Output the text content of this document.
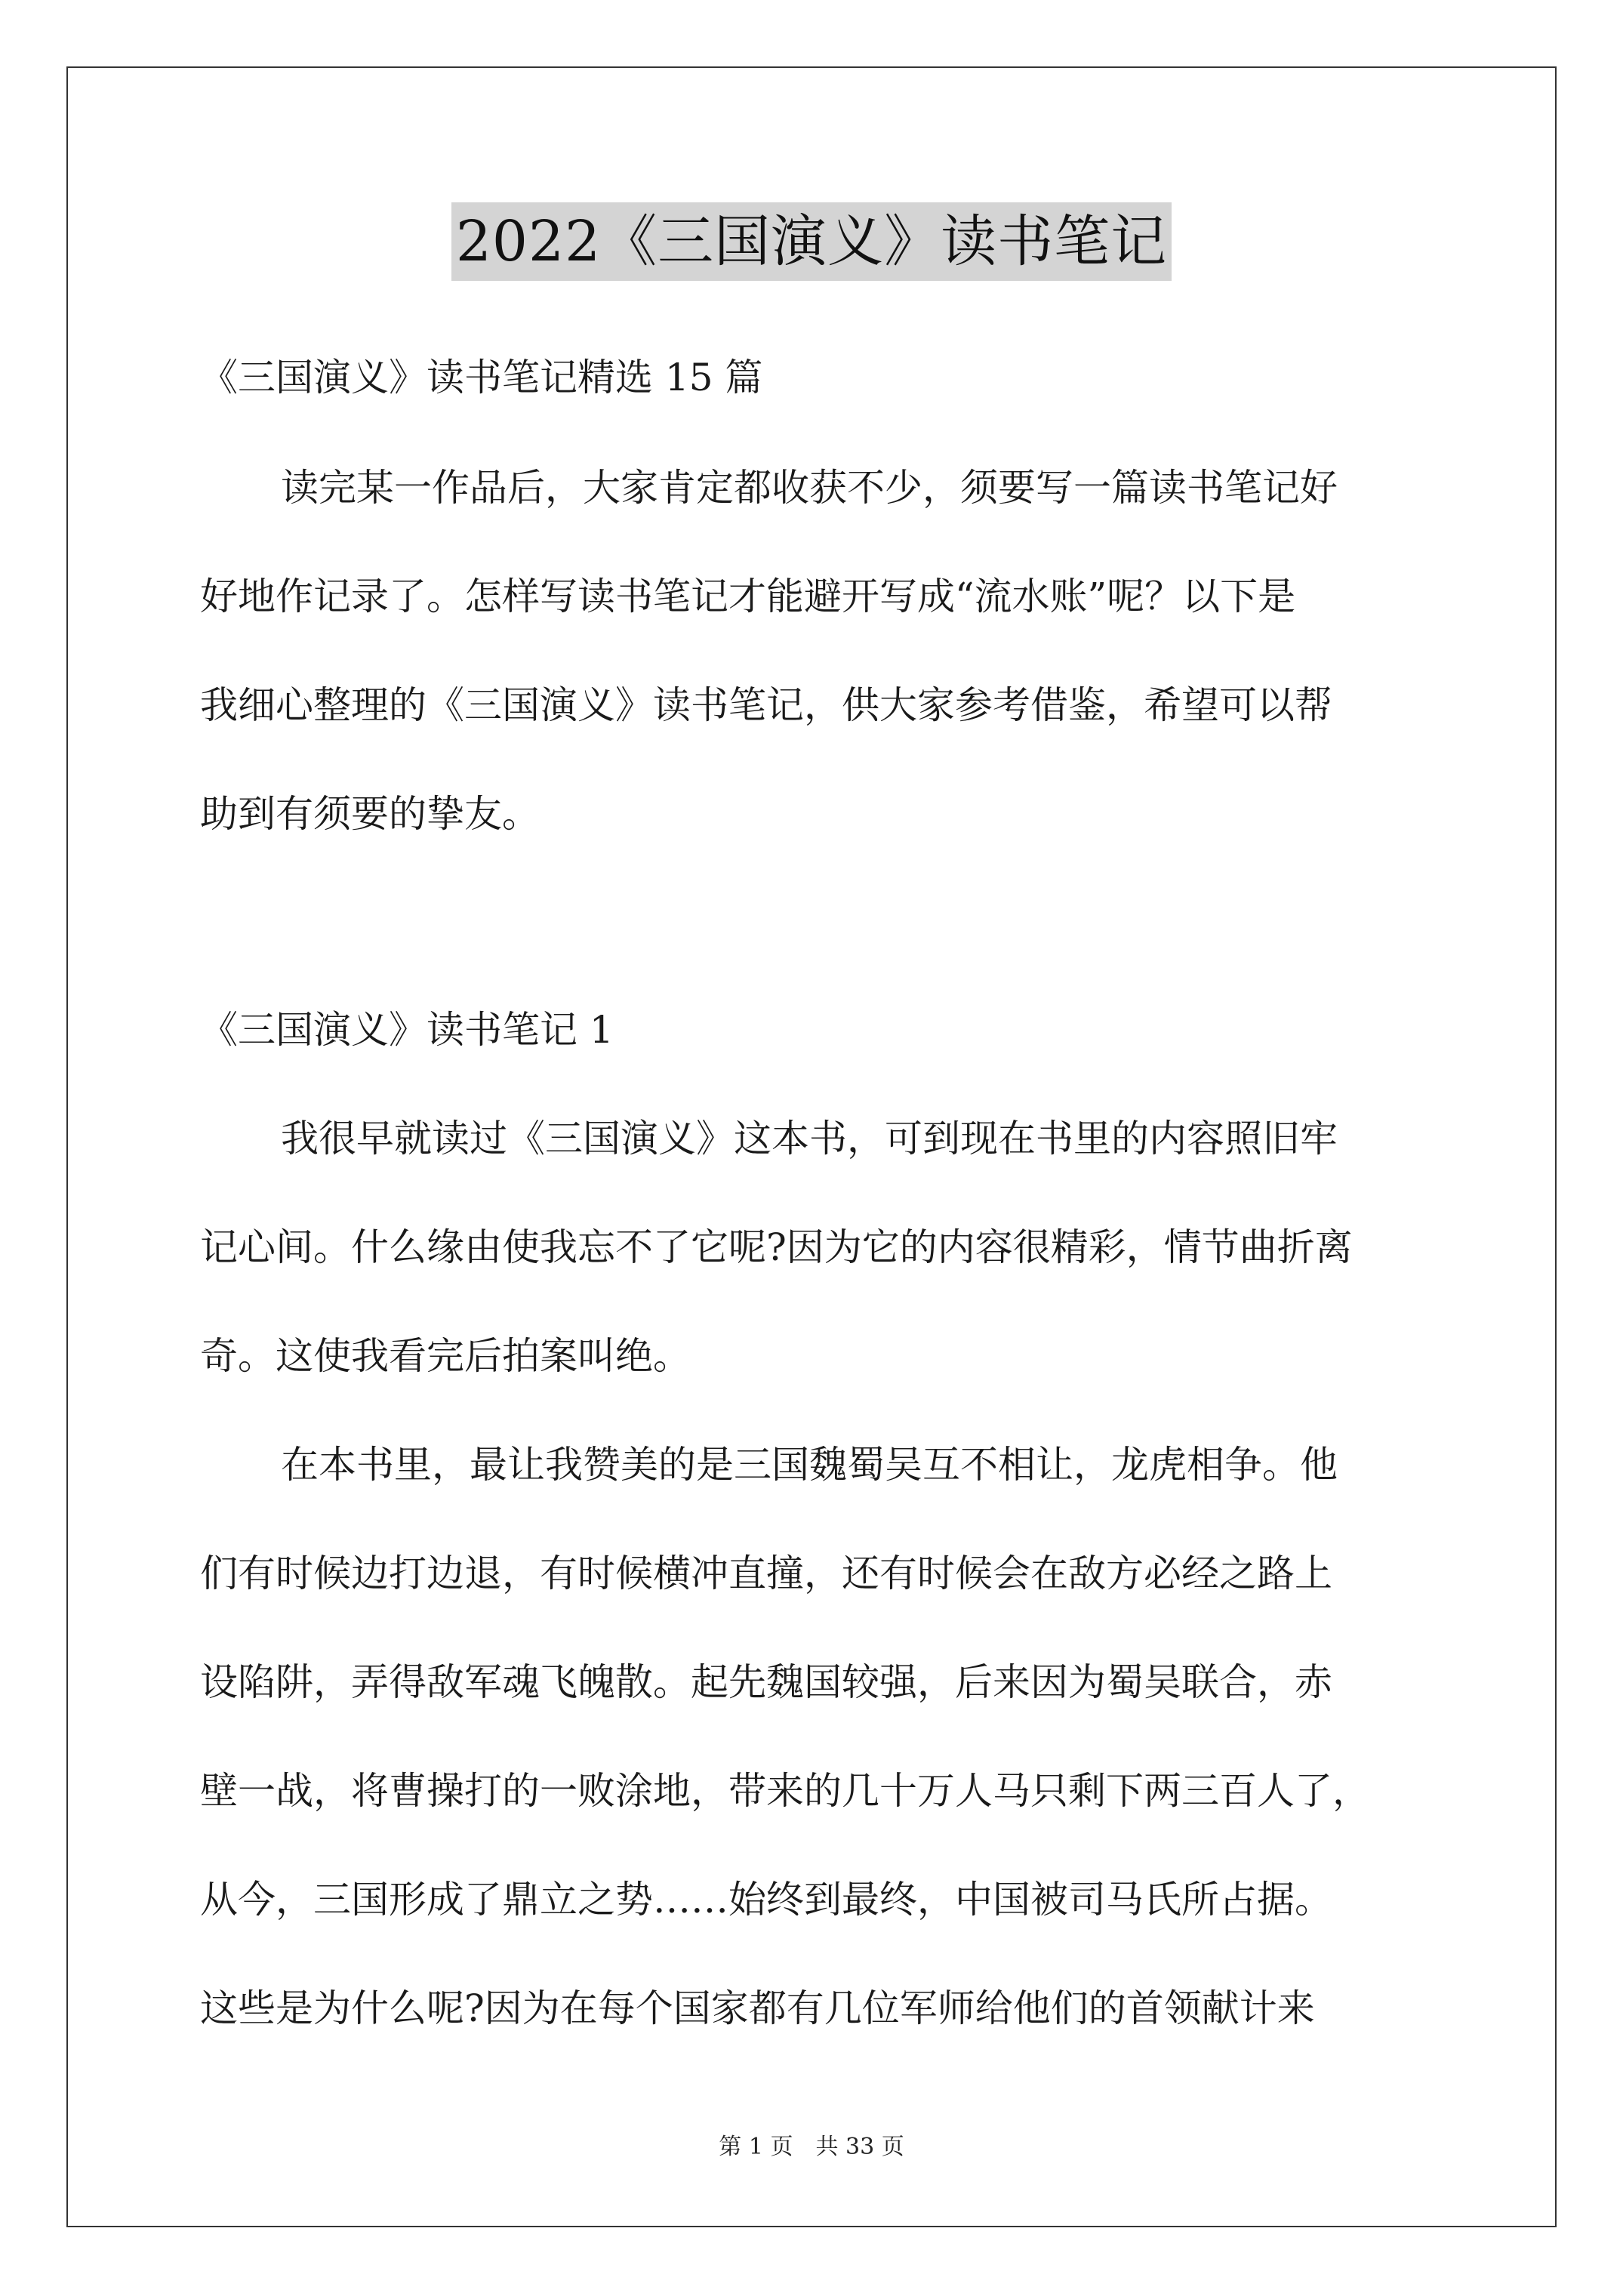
2022《三国演义》读书笔记
《三国演义》读书笔记精选 15 篇
读完某一作品后，大家肯定都收获不少，须要写一篇读书笔记好
好地作记录了。怎样写读书笔记才能避开写成“流水账”呢？以下是
我细心整理的《三国演义》读书笔记，供大家参考借鉴，希望可以帮
助到有须要的挚友。
《三国演义》读书笔记 1
我很早就读过《三国演义》这本书，可到现在书里的内容照旧牢
记心间。什么缘由使我忘不了它呢?因为它的内容很精彩，情节曲折离
奇。这使我看完后拍案叫绝。
在本书里，最让我赞美的是三国魏蜀吴互不相让，龙虎相争。他
们有时候边打边退，有时候横冲直撞，还有时候会在敌方必经之路上
设陷阱，弄得敌军魂飞魄散。起先魏国较强，后来因为蜀吴联合，赤
壁一战，将曹操打的一败涂地，带来的几十万人马只剩下两三百人了，
从今，三国形成了鼎立之势……始终到最终，中国被司马氏所占据。
这些是为什么呢?因为在每个国家都有几位军师给他们的首领献计来
第 1 页 共 33 页
